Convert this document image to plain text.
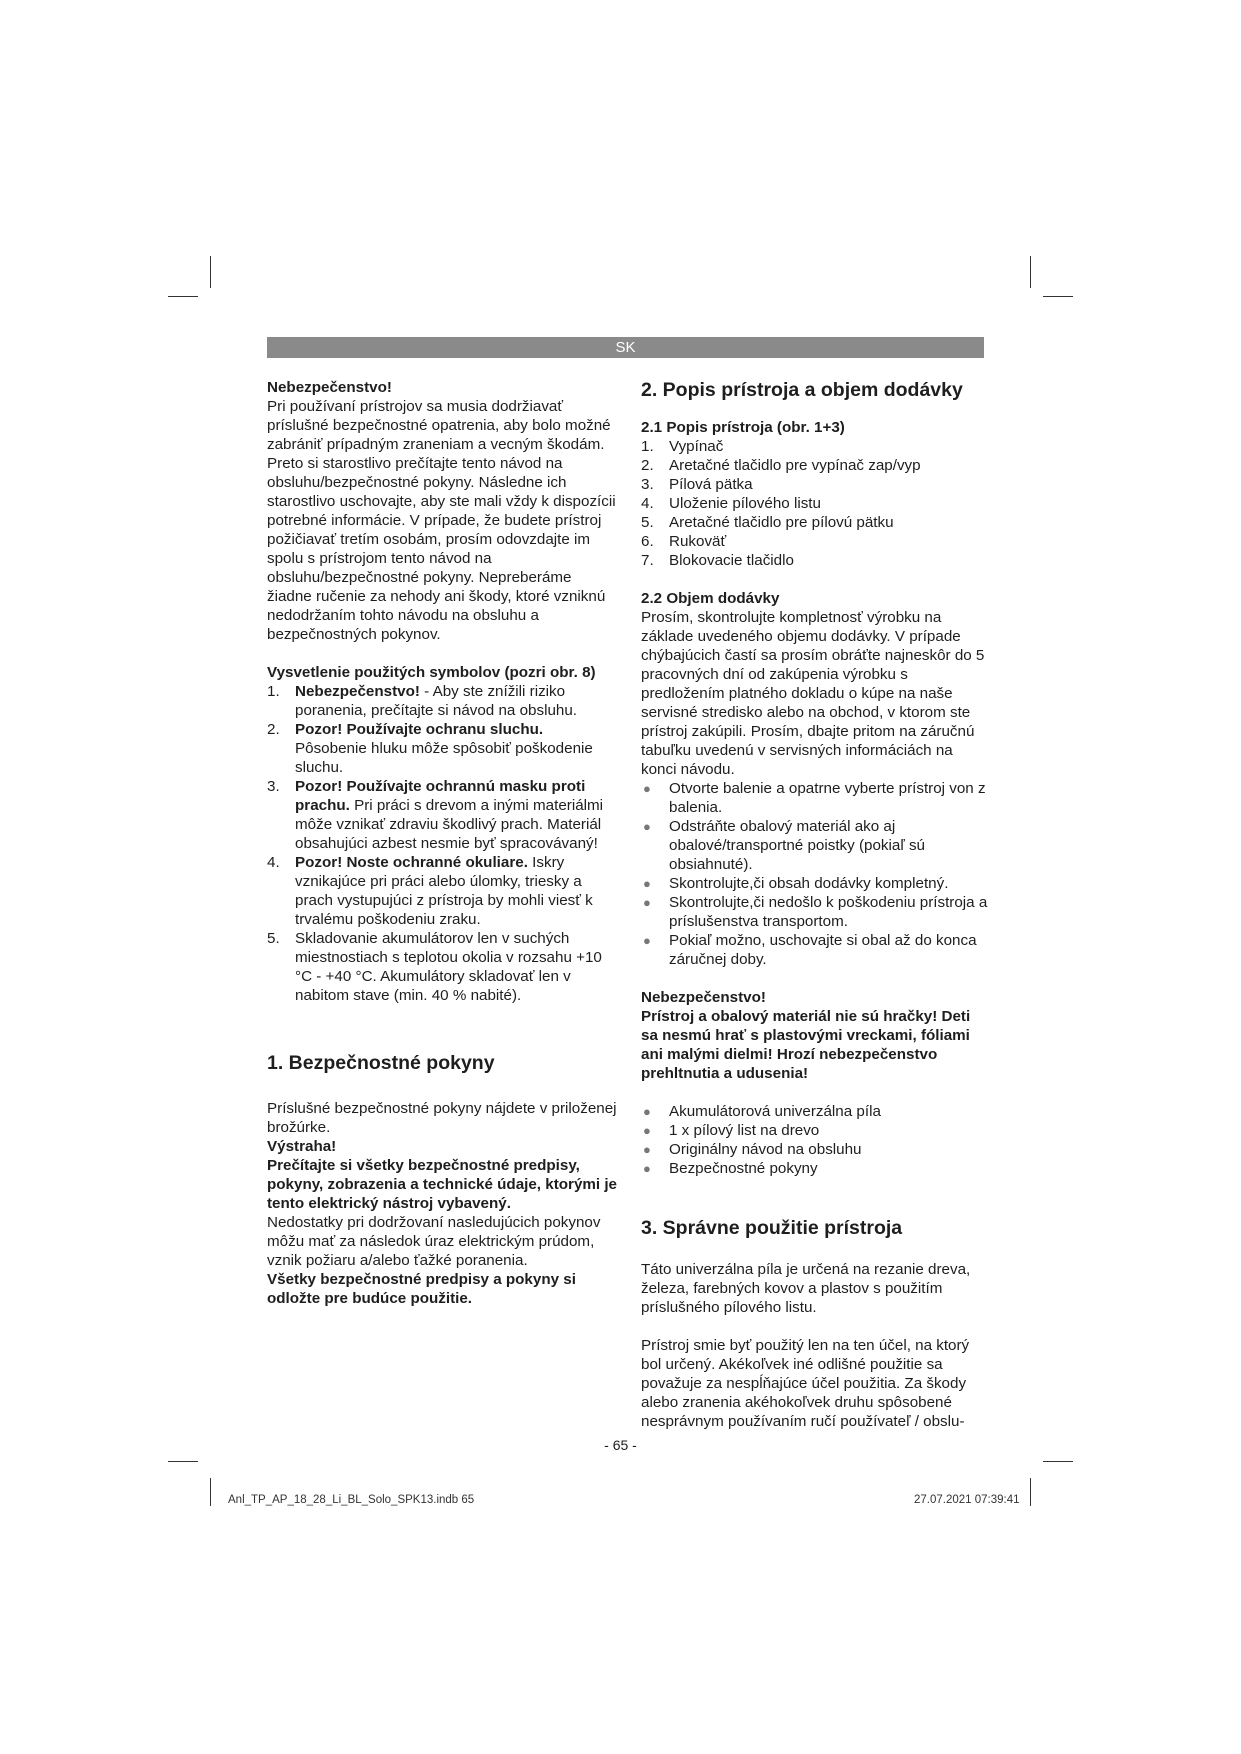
SK

Nebezpečenstvo!

Pri používaní prístrojov sa musia dodržiavať príslušné bezpečnostné opatrenia, aby bolo možné zabrániť prípadným zraneniam a vecným škodám. Preto si starostlivo prečítajte tento návod na obsluhu/bezpečnostné pokyny. Následne ich starostlivo uschovajte, aby ste mali vždy k dispozícii potrebné informácie. V prípade, že budete prístroj požičiavať tretím osobám, prosím odovzdajte im spolu s prístrojom tento návod na obsluhu/bezpečnostné pokyny. Nepreberáme žiadne ručenie za nehody ani škody, ktoré vzniknú nedodržaním tohto návodu na obsluhu a bezpečnostných pokynov.

Vysvetlenie použitých symbolov (pozri obr. 8)

1. Nebezpečenstvo! - Aby ste znížili riziko poranenia, prečítajte si návod na obsluhu.
2. Pozor! Používajte ochranu sluchu. Pôsobenie hluku môže spôsobiť poškodenie sluchu.
3. Pozor! Používajte ochrannú masku proti prachu. Pri práci s drevom a inými materiálmi môže vznikať zdraviu škodlivý prach. Materiál obsahujúci azbest nesmie byť spracovávaný!
4. Pozor! Noste ochranné okuliare. Iskry vznikajúce pri práci alebo úlomky, triesky a prach vystupujúci z prístroja by mohli viesť k trvalému poškodeniu zraku.
5. Skladovanie akumulátorov len v suchých miestnostiach s teplotou okolia v rozsahu +10 °C - +40 °C. Akumulátory skladovať len v nabitom stave (min. 40 % nabité).

1. Bezpečnostné pokyny

Príslušné bezpečnostné pokyny nájdete v priloženej brožúrke.

Výstraha!

Prečítajte si všetky bezpečnostné predpisy, pokyny, zobrazenia a technické údaje, ktorými je tento elektrický nástroj vybavený.

Nedostatky pri dodržovaní nasledujúcich pokynov môžu mať za následok úraz elektrickým prúdom, vznik požiaru a/alebo ťažké poranenia.

Všetky bezpečnostné predpisy a pokyny si odložte pre budúce použitie.

2. Popis prístroja a objem dodávky

2.1 Popis prístroja (obr. 1+3)

1. Vypínač
2. Aretačné tlačidlo pre vypínač zap/vyp
3. Pílová pätka
4. Uloženie pílového listu
5. Aretačné tlačidlo pre pílovú pätku
6. Rukoväť
7. Blokovacie tlačidlo

2.2 Objem dodávky

Prosím, skontrolujte kompletnosť výrobku na základe uvedeného objemu dodávky. V prípade chýbajúcich častí sa prosím obráťte najneskôr do 5 pracovných dní od zakúpenia výrobku s predložením platného dokladu o kúpe na naše servisné stredisko alebo na obchod, v ktorom ste prístroj zakúpili. Prosím, dbajte pritom na záručnú tabuľku uvedenú v servisných informáciách na konci návodu.

● Otvorte balenie a opatrne vyberte prístroj von z balenia.
● Odstráňte obalový materiál ako aj obalové/transportné poistky (pokiaľ sú obsiahnuté).
● Skontrolujte,či obsah dodávky kompletný.
● Skontrolujte,či nedošlo k poškodeniu prístroja a príslušenstva transportom.
● Pokiaľ možno, uschovajte si obal až do konca záručnej doby.

Nebezpečenstvo!

Prístroj a obalový materiál nie sú hračky! Deti sa nesmú hrať s plastovými vreckami, fóliami ani malými dielmi! Hrozí nebezpečenstvo prehltnutia a udusenia!

● Akumulátorová univerzálna píla
● 1 x pílový list na drevo
● Originálny návod na obsluhu
● Bezpečnostné pokyny

3. Správne použitie prístroja

Táto univerzálna píla je určená na rezanie dreva, železa, farebných kovov a plastov s použitím príslušného pílového listu.

Prístroj smie byť použitý len na ten účel, na ktorý bol určený. Akékoľvek iné odlišné použitie sa považuje za nespĺňajúce účel použitia. Za škody alebo zranenia akéhokoľvek druhu spôsobené nesprávnym používaním ručí používateľ / obslu-

- 65 -
Anl_TP_AP_18_28_Li_BL_Solo_SPK13.indb 65	27.07.2021 07:39:41
